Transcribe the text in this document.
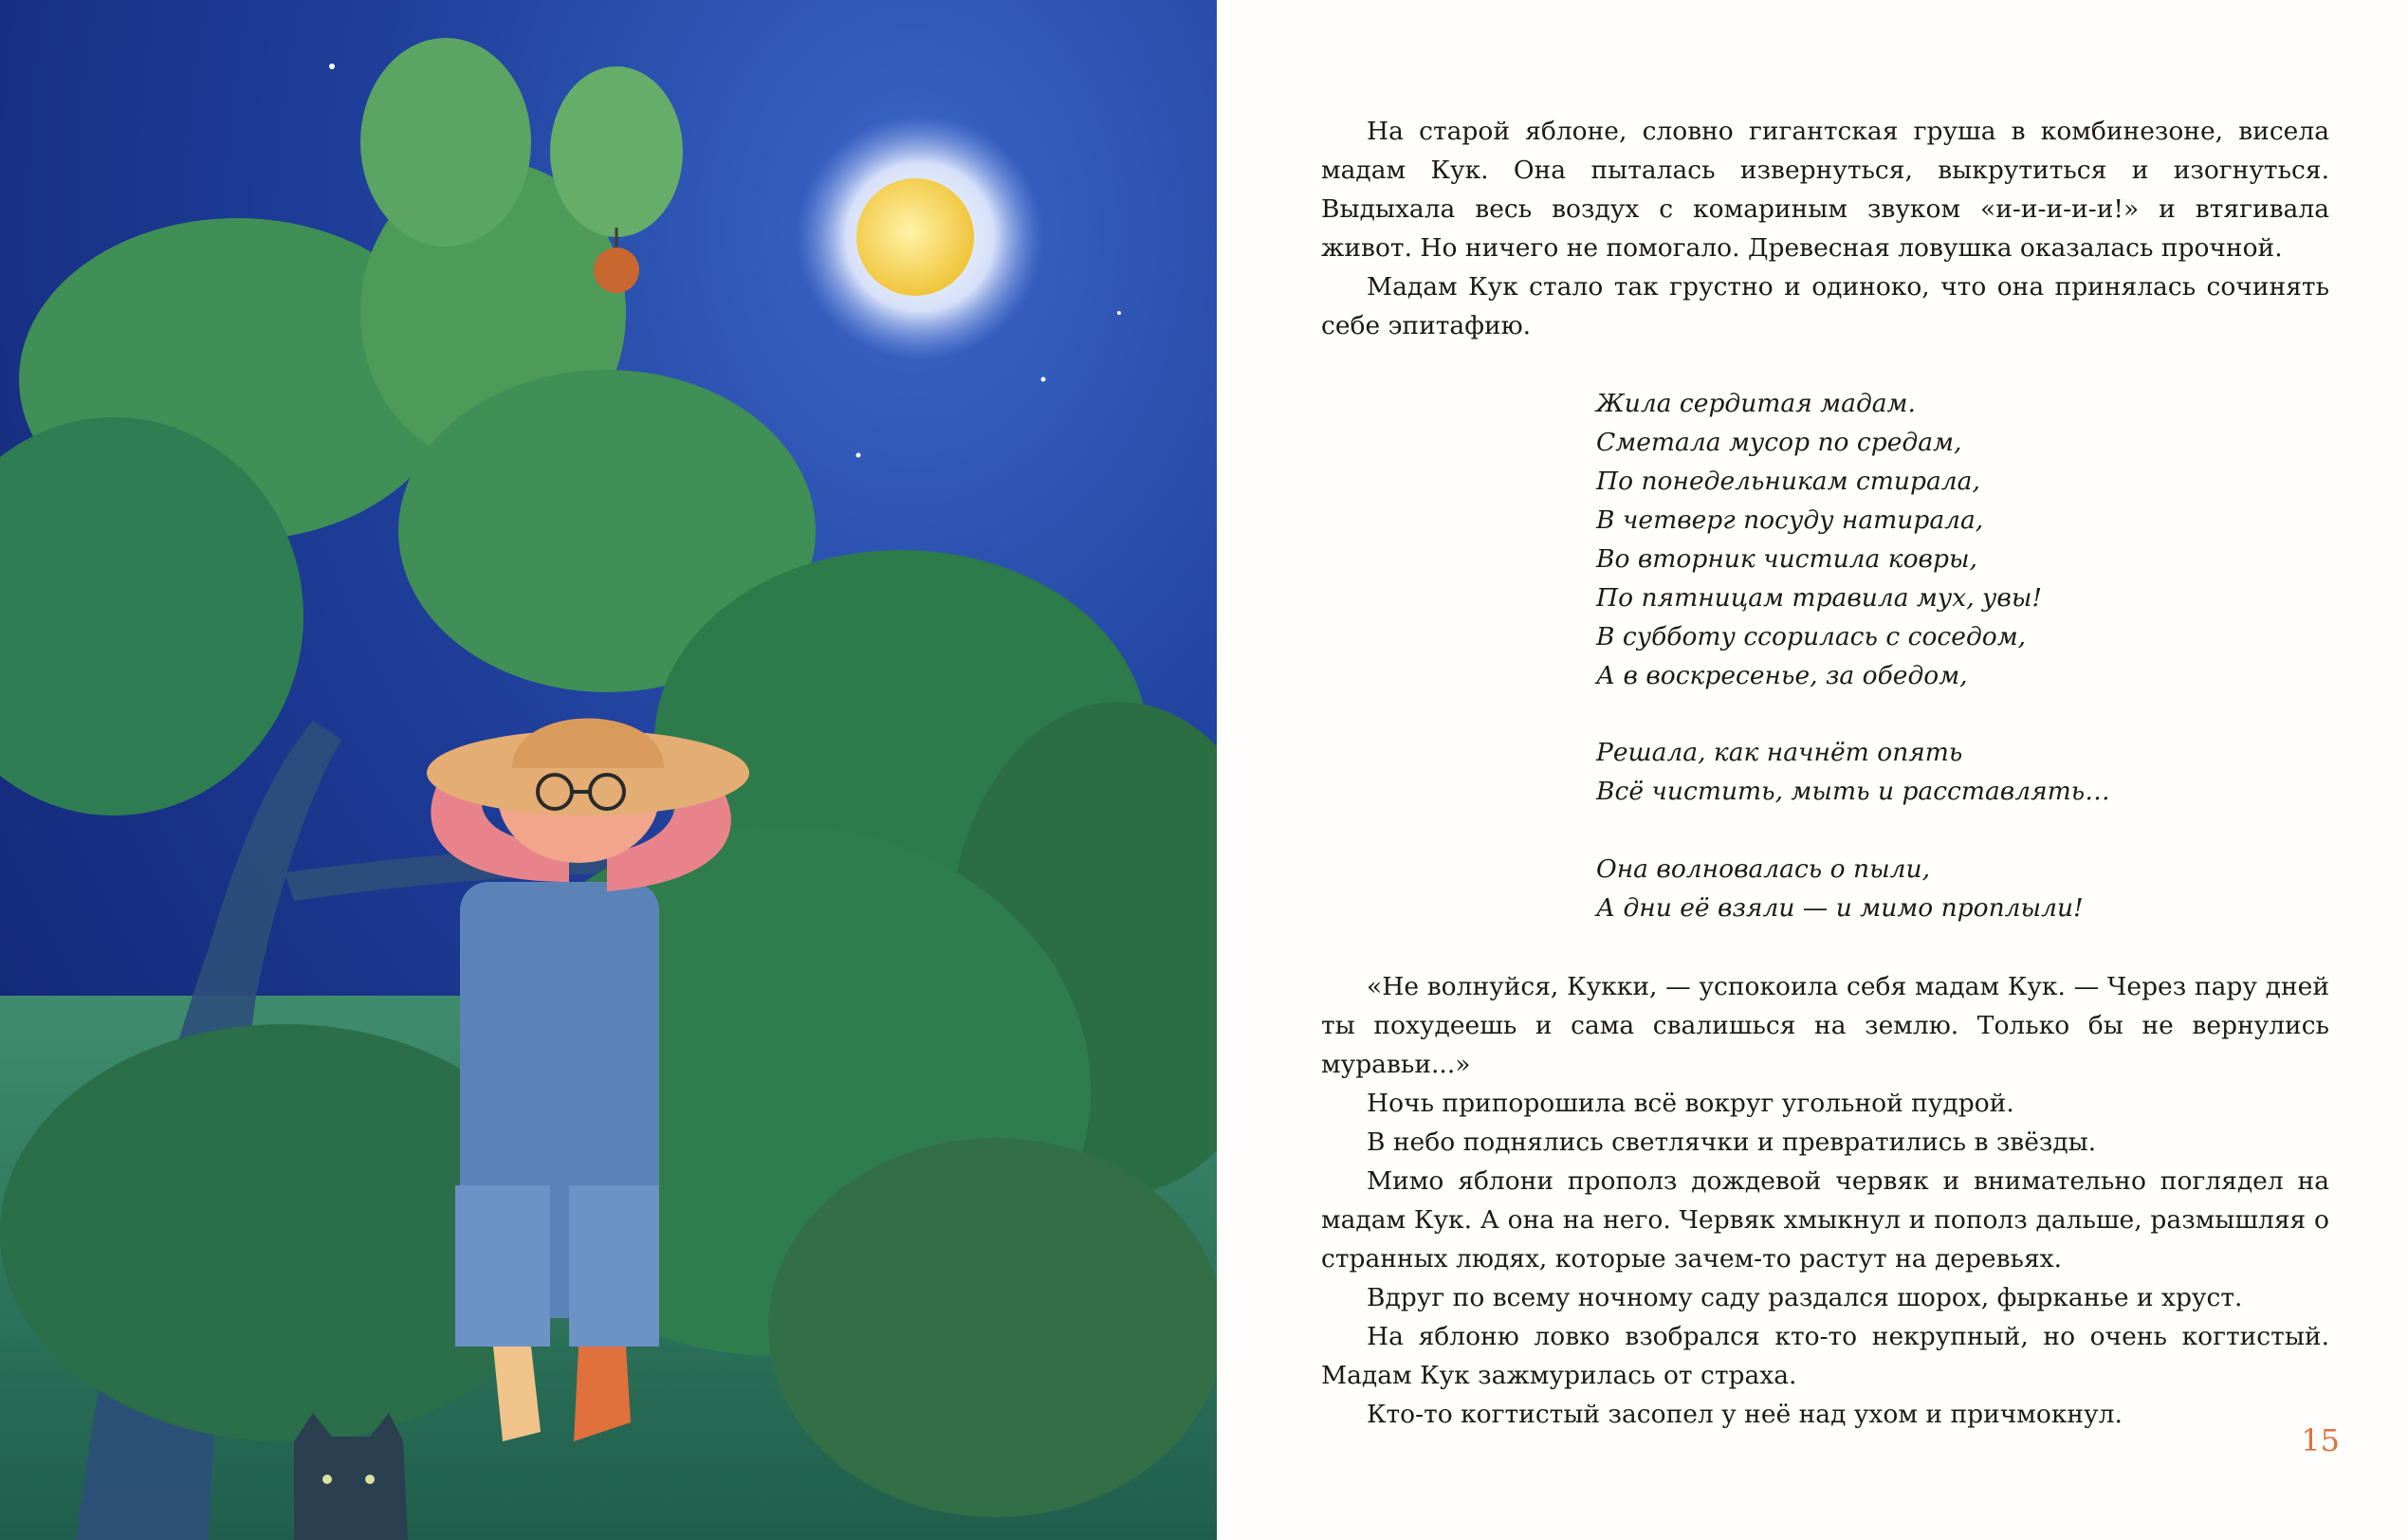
На старой яблоне, словно гигантская груша в комбинезоне, висела мадам Кук. Она пыталась извернуться, выкрутиться и изогнуться. Выдыхала весь воздух с комариным звуком «и-и-и-и-и!» и втягивала живот. Но ничего не помогало. Древесная ловушка оказалась прочной.

Мадам Кук стало так грустно и одиноко, что она принялась сочинять себе эпитафию.

Жила сердитая мадам.
Сметала мусор по средам,
По понедельникам стирала,
В четверг посуду натирала,
Во вторник чистила ковры,
По пятницам травила мух, увы!
В субботу ссорилась с соседом,
А в воскресенье, за обедом,
Решала, как начнёт опять
Всё чистить, мыть и расставлять…
Она волновалась о пыли,
А дни её взяли — и мимо проплыли!

«Не волнуйся, Кукки, — успокоила себя мадам Кук. — Через пару дней ты похудеешь и сама свалишься на землю. Только бы не вернулись муравьи...»

Ночь припорошила всё вокруг угольной пудрой.

В небо поднялись светлячки и превратились в звёзды.

Мимо яблони прополз дождевой червяк и внимательно поглядел на мадам Кук. А она на него. Червяк хмыкнул и пополз дальше, размышляя о странных людях, которые зачем-то растут на деревьях.

Вдруг по всему ночному саду раздался шорох, фырканье и хруст.

На яблоню ловко взобрался кто-то некрупный, но очень когтистый. Мадам Кук зажмурилась от страха.

Кто-то когтистый засопел у неё над ухом и причмокнул.

15
